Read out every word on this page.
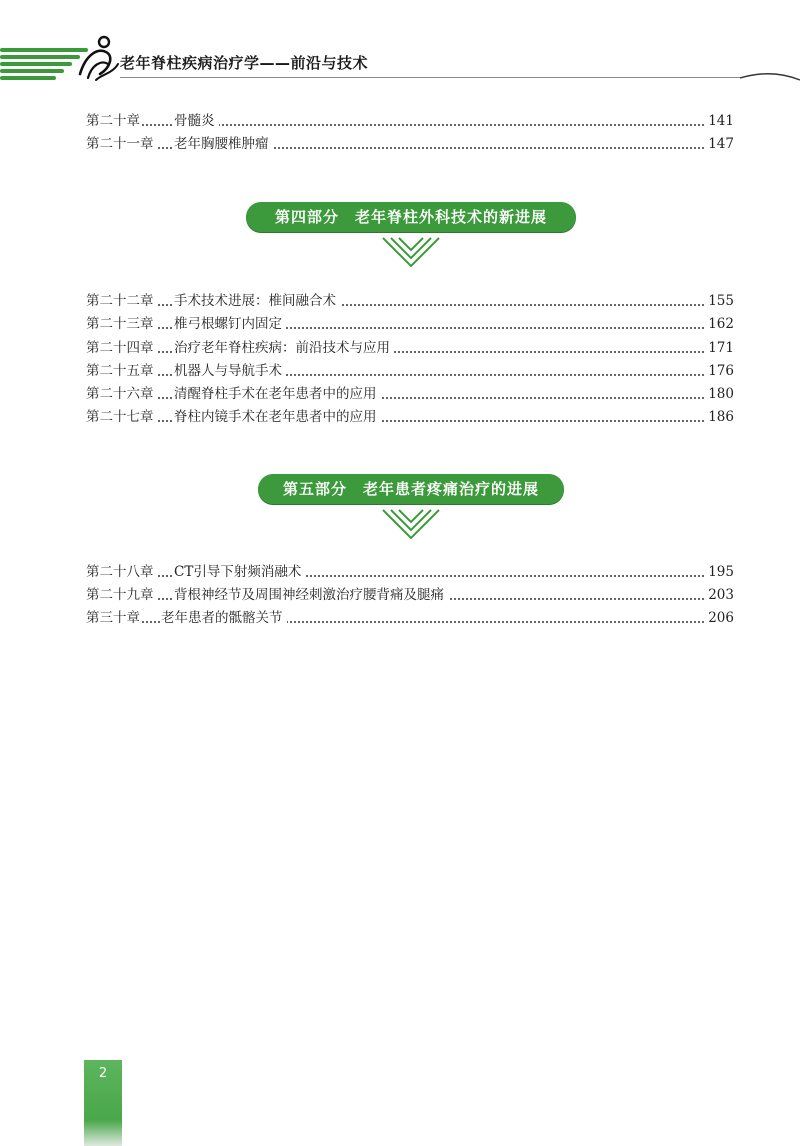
老年脊柱疾病治疗学——前沿与技术
第二十章	骨髓炎	141
第二十一章 老年胸腰椎肿瘤	147
第四部分　老年脊柱外科技术的新进展
第二十二章 手术技术进展：椎间融合术	155
第二十三章 椎弓根螺钉内固定	162
第二十四章 治疗老年脊柱疾病：前沿技术与应用	171
第二十五章 机器人与导航手术	176
第二十六章 清醒脊柱手术在老年患者中的应用	180
第二十七章 脊柱内镜手术在老年患者中的应用	186
第五部分　老年患者疼痛治疗的进展
第二十八章 CT引导下射频消融术	195
第二十九章 背根神经节及周围神经刺激治疗腰背痛及腿痛	203
第三十章 老年患者的骶髂关节	206
2
